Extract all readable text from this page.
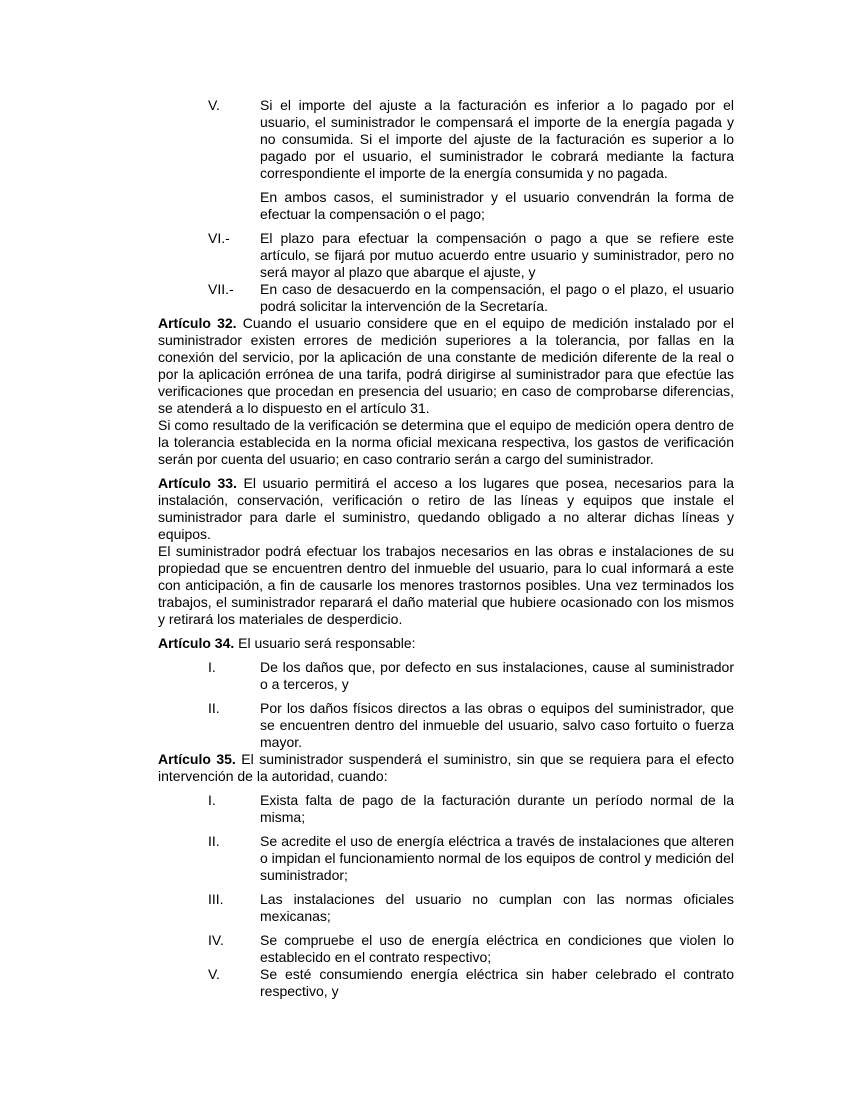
V.	Si el importe del ajuste a la facturación es inferior a lo pagado por el usuario, el suministrador le compensará el importe de la energía pagada y no consumida. Si el importe del ajuste de la facturación es superior a lo pagado por el usuario, el suministrador le cobrará mediante la factura correspondiente el importe de la energía consumida y no pagada.
En ambos casos, el suministrador y el usuario convendrán la forma de efectuar la compensación o el pago;
VI.- El plazo para efectuar la compensación o pago a que se refiere este artículo, se fijará por mutuo acuerdo entre usuario y suministrador, pero no será mayor al plazo que abarque el ajuste, y
VII.- En caso de desacuerdo en la compensación, el pago o el plazo, el usuario podrá solicitar la intervención de la Secretaría.
Artículo 32. Cuando el usuario considere que en el equipo de medición instalado por el suministrador existen errores de medición superiores a la tolerancia, por fallas en la conexión del servicio, por la aplicación de una constante de medición diferente de la real o por la aplicación errónea de una tarifa, podrá dirigirse al suministrador para que efectúe las verificaciones que procedan en presencia del usuario; en caso de comprobarse diferencias, se atenderá a lo dispuesto en el artículo 31.
Si como resultado de la verificación se determina que el equipo de medición opera dentro de la tolerancia establecida en la norma oficial mexicana respectiva, los gastos de verificación serán por cuenta del usuario; en caso contrario serán a cargo del suministrador.
Artículo 33. El usuario permitirá el acceso a los lugares que posea, necesarios para la instalación, conservación, verificación o retiro de las líneas y equipos que instale el suministrador para darle el suministro, quedando obligado a no alterar dichas líneas y equipos.
El suministrador podrá efectuar los trabajos necesarios en las obras e instalaciones de su propiedad que se encuentren dentro del inmueble del usuario, para lo cual informará a este con anticipación, a fin de causarle los menores trastornos posibles. Una vez terminados los trabajos, el suministrador reparará el daño material que hubiere ocasionado con los mismos y retirará los materiales de desperdicio.
Artículo 34. El usuario será responsable:
I.	De los daños que, por defecto en sus instalaciones, cause al suministrador o a terceros, y
II.	Por los daños físicos directos a las obras o equipos del suministrador, que se encuentren dentro del inmueble del usuario, salvo caso fortuito o fuerza mayor.
Artículo 35. El suministrador suspenderá el suministro, sin que se requiera para el efecto intervención de la autoridad, cuando:
I.	Exista falta de pago de la facturación durante un período normal de la misma;
II.	Se acredite el uso de energía eléctrica a través de instalaciones que alteren o impidan el funcionamiento normal de los equipos de control y medición del suministrador;
III.	Las instalaciones del usuario no cumplan con las normas oficiales mexicanas;
IV.	Se compruebe el uso de energía eléctrica en condiciones que violen lo establecido en el contrato respectivo;
V.	Se esté consumiendo energía eléctrica sin haber celebrado el contrato respectivo, y
